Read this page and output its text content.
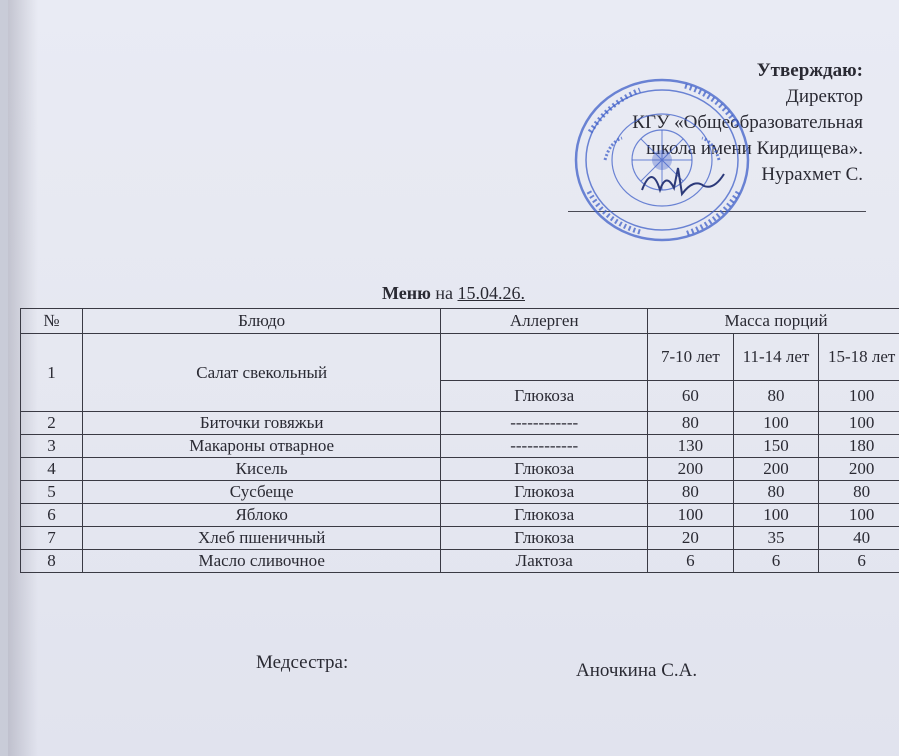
Утверждаю:
Директор
КГУ «Общеобразовательная
школа имени Кирдищева».
Нурахмет С.
Меню на 15.04.26.
№	Блюдо	Аллерген	Масса порций		
1	Салат свекольный		7-10 лет	11-14 лет	15-18 лет
		Глюкоза	60	80	100
2	Биточки говяжьи	------------	80	100	100
3	Макароны отварное	------------	130	150	180
4	Кисель	Глюкоза	200	200	200
5	Сусбеще	Глюкоза	80	80	80
6	Яблоко	Глюкоза	100	100	100
7	Хлеб пшеничный	Глюкоза	20	35	40
8	Масло сливочное	Лактоза	6	6	6
Медсестра:	Аночкина С.А.
